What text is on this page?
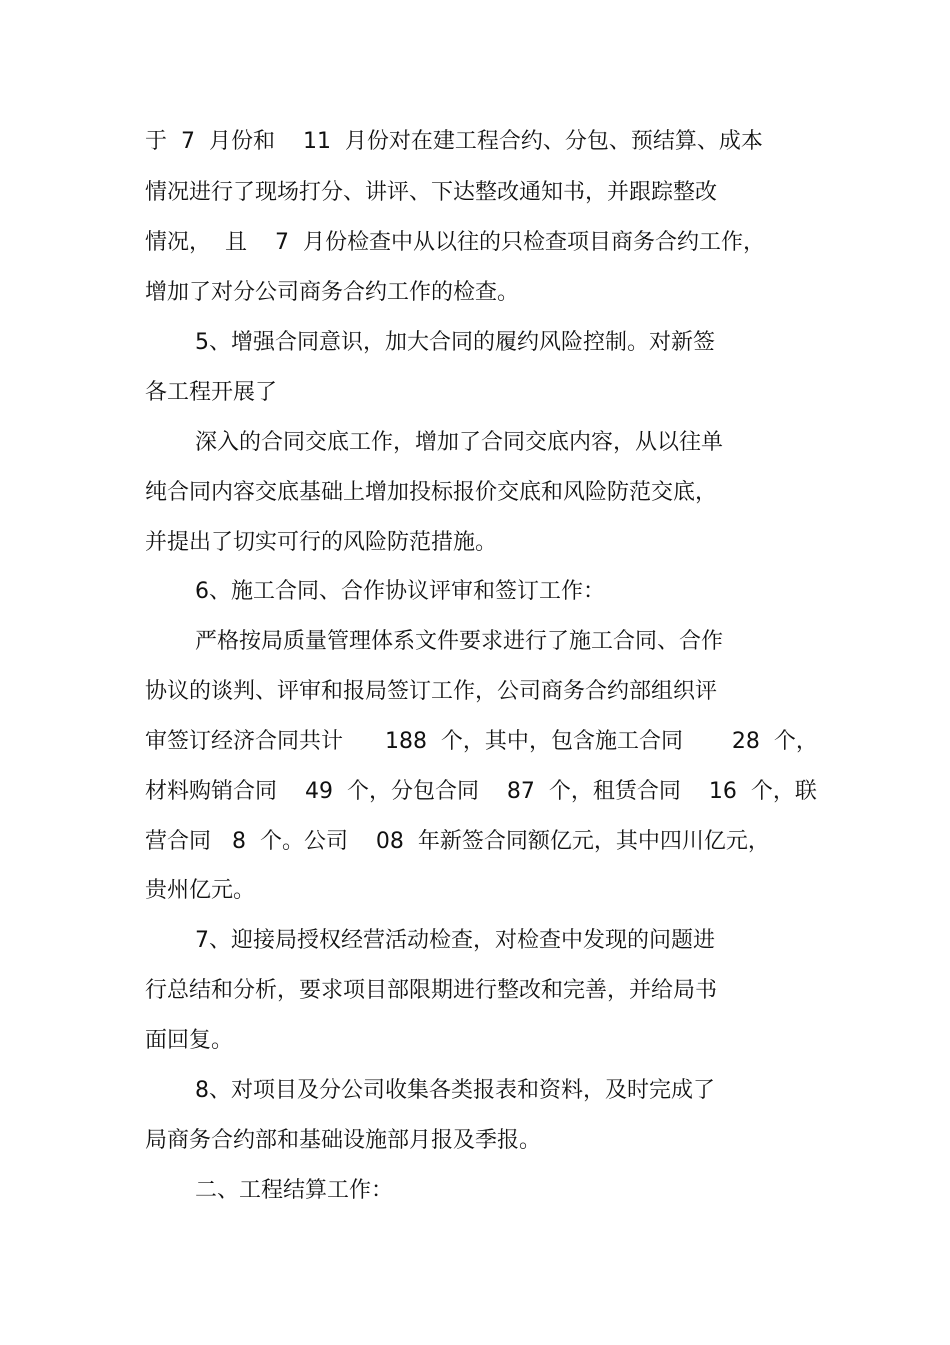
于  7  月份和    11  月份对在建工程合约、分包、预结算、成本
情况进行了现场打分、讲评、下达整改通知书，并跟踪整改
情况，  且    7  月份检查中从以往的只检查项目商务合约工作，
增加了对分公司商务合约工作的检查。
5、增强合同意识，加大合同的履约风险控制。对新签
各工程开展了
深入的合同交底工作，增加了合同交底内容，从以往单
纯合同内容交底基础上增加投标报价交底和风险防范交底，
并提出了切实可行的风险防范措施。
6、施工合同、合作协议评审和签订工作：
严格按局质量管理体系文件要求进行了施工合同、合作
协议的谈判、评审和报局签订工作，公司商务合约部组织评
审签订经济合同共计      188  个，其中，包含施工合同       28  个，
材料购销合同    49  个，分包合同    87  个，租赁合同    16  个，联
营合同   8  个。公司    08  年新签合同额亿元，其中四川亿元，
贵州亿元。
7、迎接局授权经营活动检查，对检查中发现的问题进
行总结和分析，要求项目部限期进行整改和完善，并给局书
面回复。
8、对项目及分公司收集各类报表和资料，及时完成了
局商务合约部和基础设施部月报及季报。
二、工程结算工作：
